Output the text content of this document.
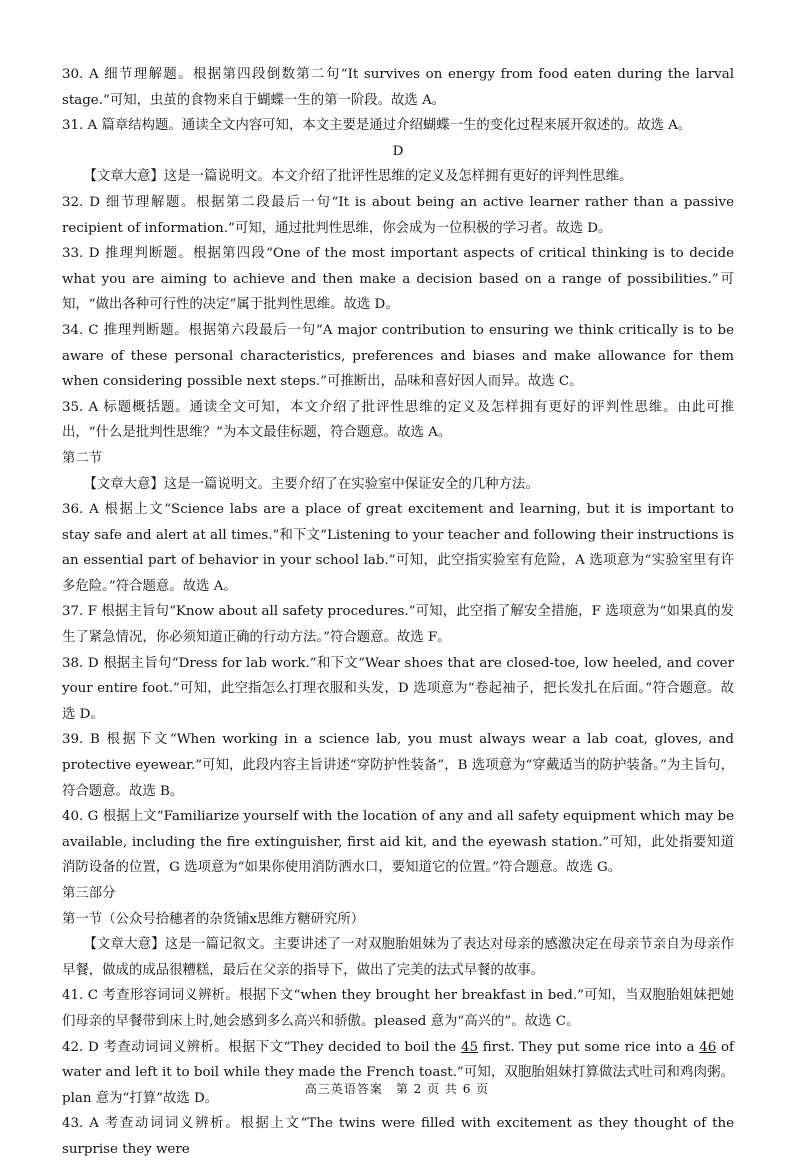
30. A 细节理解题。根据第四段倒数第二句“It survives on energy from food eaten during the larval stage.”可知，虫茧的食物来自于蝴蝶一生的第一阶段。故选 A。

31. A 篇章结构题。通读全文内容可知，本文主要是通过介绍蝴蝶一生的变化过程来展开叙述的。故选 A。

D

【文章大意】这是一篇说明文。本文介绍了批评性思维的定义及怎样拥有更好的评判性思维。

32. D 细节理解题。根据第二段最后一句“It is about being an active learner rather than a passive recipient of information.”可知，通过批判性思维，你会成为一位积极的学习者。故选 D。

33. D 推理判断题。根据第四段“One of the most important aspects of critical thinking is to decide what you are aiming to achieve and then make a decision based on a range of possibilities.”可知，“做出各种可行性的决定”属于批判性思维。故选 D。

34. C 推理判断题。根据第六段最后一句“A major contribution to ensuring we think critically is to be aware of these personal characteristics, preferences and biases and make allowance for them when considering possible next steps.”可推断出，品味和喜好因人而异。故选 C。

35. A 标题概括题。通读全文可知，本文介绍了批评性思维的定义及怎样拥有更好的评判性思维。由此可推出，“什么是批判性思维？”为本文最佳标题，符合题意。故选 A。

第二节

【文章大意】这是一篇说明文。主要介绍了在实验室中保证安全的几种方法。

36. A 根据上文“Science labs are a place of great excitement and learning, but it is important to stay safe and alert at all times.”和下文“Listening to your teacher and following their instructions is an essential part of behavior in your school lab.”可知，此空指实验室有危险，A 选项意为“实验室里有许多危险。”符合题意。故选 A。

37. F 根据主旨句“Know about all safety procedures.”可知，此空指了解安全措施，F 选项意为“如果真的发生了紧急情况，你必须知道正确的行动方法。”符合题意。故选 F。

38. D 根据主旨句“Dress for lab work.”和下文“Wear shoes that are closed-toe, low heeled, and cover your entire foot.”可知，此空指怎么打理衣服和头发，D 选项意为“卷起袖子，把长发扎在后面。”符合题意。故选 D。

39. B 根据下文“When working in a science lab, you must always wear a lab coat, gloves, and protective eyewear.”可知，此段内容主旨讲述“穿防护性装备”，B 选项意为“穿戴适当的防护装备。”为主旨句，符合题意。故选 B。

40. G 根据上文“Familiarize yourself with the location of any and all safety equipment which may be available, including the fire extinguisher, first aid kit, and the eyewash station.”可知，此处指要知道消防设备的位置，G 选项意为“如果你使用消防洒水口，要知道它的位置。”符合题意。故选 G。

第三部分

第一节（公众号拾穗者的杂货铺x思维方糖研究所）

【文章大意】这是一篇记叙文。主要讲述了一对双胞胎姐妹为了表达对母亲的感激决定在母亲节亲自为母亲作早餐，做成的成品很糟糕，最后在父亲的指导下，做出了完美的法式早餐的故事。

41. C 考查形容词词义辨析。根据下文“when they brought her breakfast in bed.”可知，当双胞胎姐妹把她们母亲的早餐带到床上时,她会感到多么高兴和骄傲。pleased 意为“高兴的”。故选 C。

42. D 考查动词词义辨析。根据下文“They decided to boil the 45 first. They put some rice into a 46 of water and left it to boil while they made the French toast.”可知，双胞胎姐妹打算做法式吐司和鸡肉粥。plan 意为“打算”故选 D。

43. A 考查动词词义辨析。根据上文“The twins were filled with excitement as they thought of the surprise they were

高三英语答案　第 2 页 共 6 页
